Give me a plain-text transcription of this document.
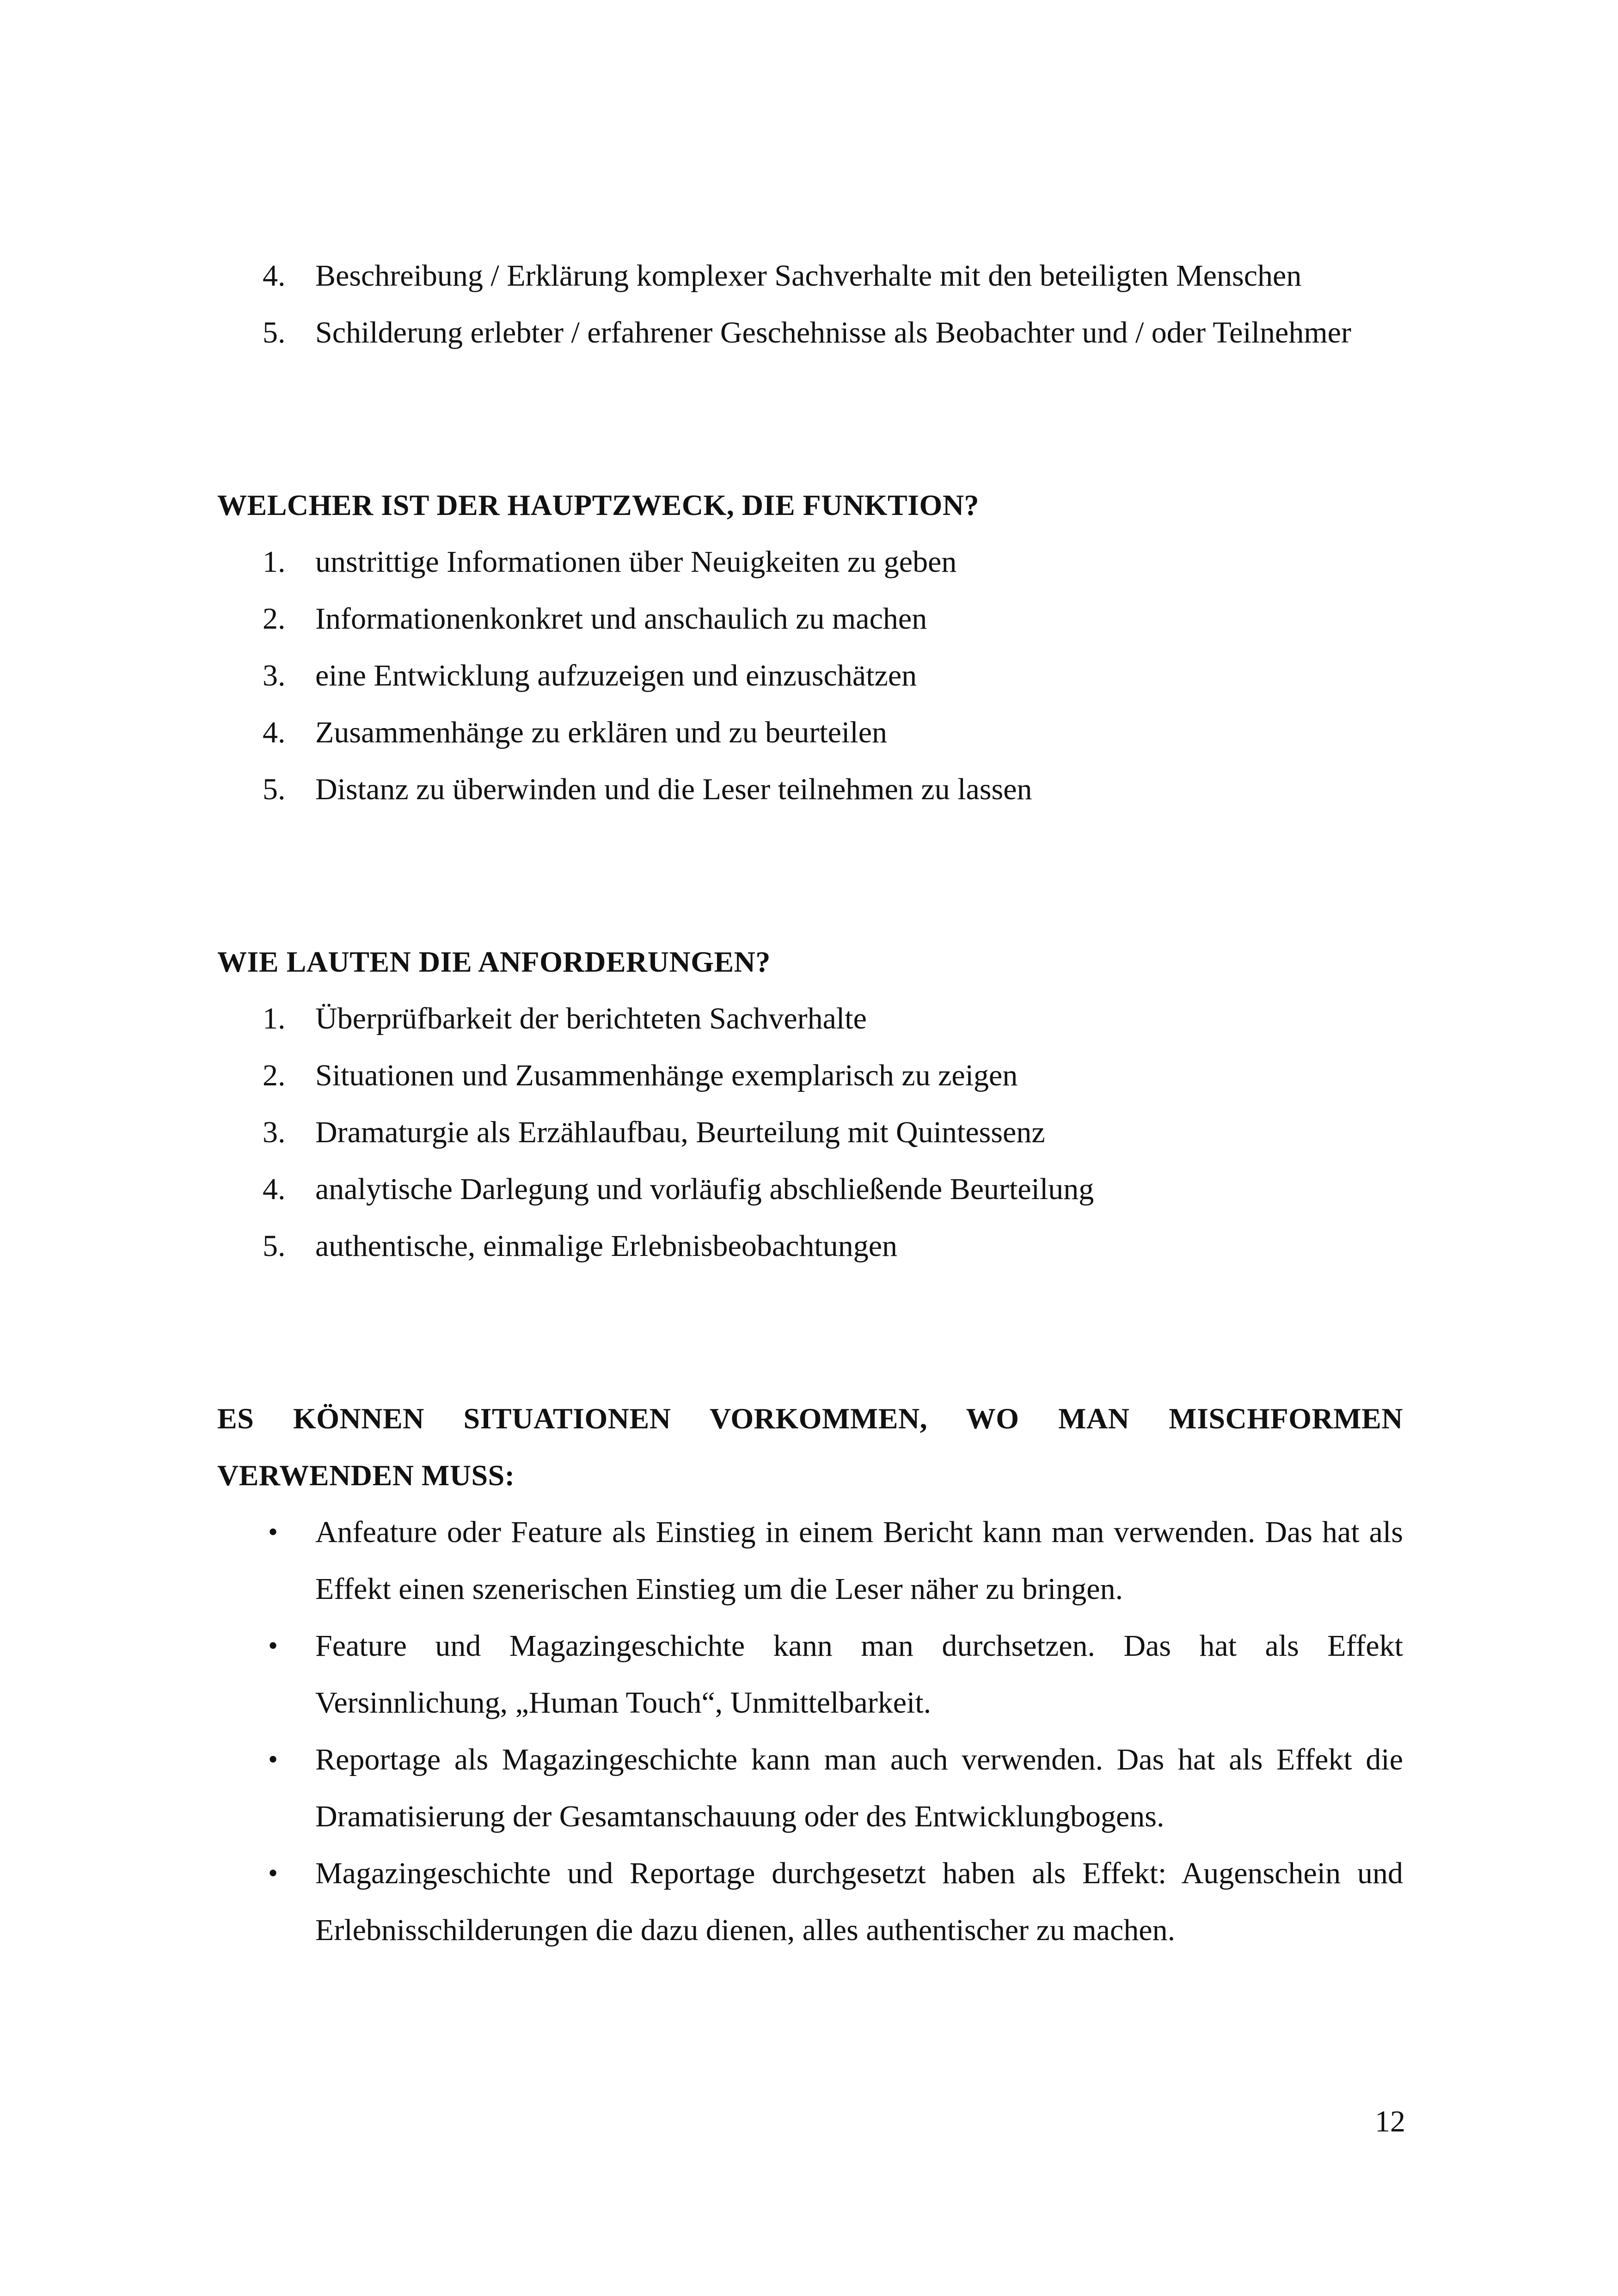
4. Beschreibung / Erklärung komplexer Sachverhalte mit den beteiligten Menschen
5. Schilderung erlebter / erfahrener Geschehnisse als Beobachter und / oder Teilnehmer
WELCHER IST DER HAUPTZWECK, DIE FUNKTION?
1. unstrittige Informationen über Neuigkeiten zu geben
2. Informationenkonkret und anschaulich zu machen
3. eine Entwicklung aufzuzeigen und einzuschätzen
4. Zusammenhänge zu erklären und zu beurteilen
5. Distanz zu überwinden und die Leser teilnehmen zu lassen
WIE LAUTEN DIE ANFORDERUNGEN?
1. Überprüfbarkeit der berichteten Sachverhalte
2. Situationen und Zusammenhänge exemplarisch zu zeigen
3. Dramaturgie als Erzählaufbau, Beurteilung mit Quintessenz
4. analytische Darlegung und vorläufig abschließende Beurteilung
5. authentische, einmalige Erlebnisbeobachtungen
ES KÖNNEN SITUATIONEN VORKOMMEN, WO MAN MISCHFORMEN VERWENDEN MUSS:
• Anfeature oder Feature als Einstieg in einem Bericht kann man verwenden. Das hat als Effekt einen szenerischen Einstieg um die Leser näher zu bringen.
• Feature und Magazingeschichte kann man durchsetzen. Das hat als Effekt Versinnlichung, „Human Touch“, Unmittelbarkeit.
• Reportage als Magazingeschichte kann man auch verwenden. Das hat als Effekt die Dramatisierung der Gesamtanschauung oder des Entwicklungbogens.
• Magazingeschichte und Reportage durchgesetzt haben als Effekt: Augenschein und Erlebnisschilderungen die dazu dienen, alles authentischer zu machen.
12
